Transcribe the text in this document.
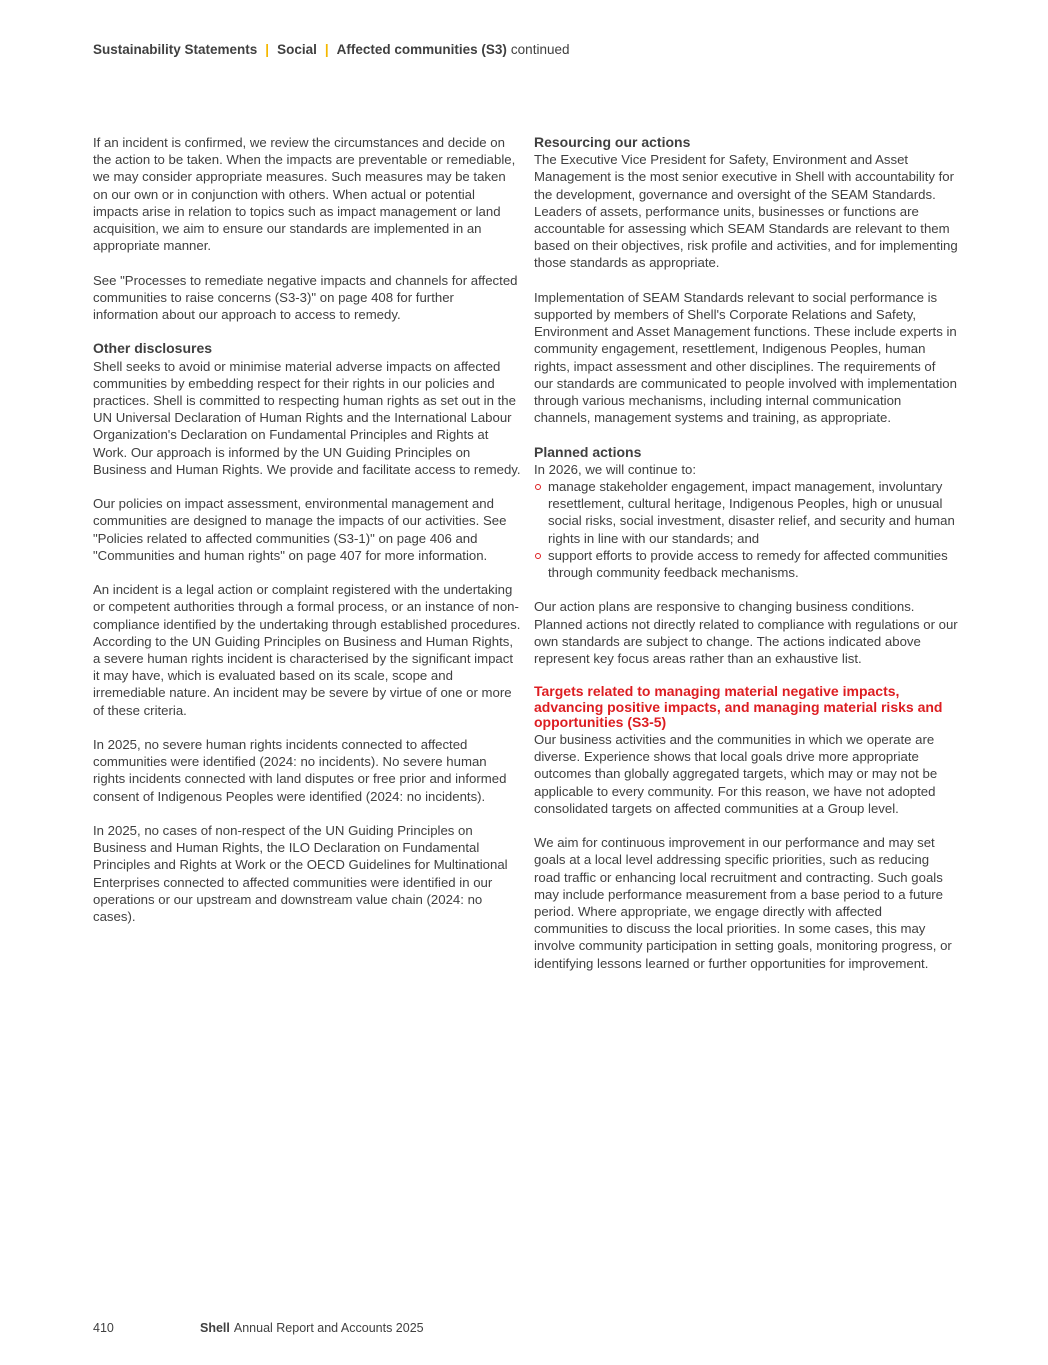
Sustainability Statements | Social | Affected communities (S3) continued

If an incident is confirmed, we review the circumstances and decide on the action to be taken. When the impacts are preventable or remediable, we may consider appropriate measures. Such measures may be taken on our own or in conjunction with others. When actual or potential impacts arise in relation to topics such as impact management or land acquisition, we aim to ensure our standards are implemented in an appropriate manner.

See "Processes to remediate negative impacts and channels for affected communities to raise concerns (S3-3)" on page 408 for further information about our approach to access to remedy.

Other disclosures

Shell seeks to avoid or minimise material adverse impacts on affected communities by embedding respect for their rights in our policies and practices. Shell is committed to respecting human rights as set out in the UN Universal Declaration of Human Rights and the International Labour Organization's Declaration on Fundamental Principles and Rights at Work. Our approach is informed by the UN Guiding Principles on Business and Human Rights. We provide and facilitate access to remedy.

Our policies on impact assessment, environmental management and communities are designed to manage the impacts of our activities. See "Policies related to affected communities (S3-1)" on page 406 and "Communities and human rights" on page 407 for more information.

An incident is a legal action or complaint registered with the undertaking or competent authorities through a formal process, or an instance of non-compliance identified by the undertaking through established procedures. According to the UN Guiding Principles on Business and Human Rights, a severe human rights incident is characterised by the significant impact it may have, which is evaluated based on its scale, scope and irremediable nature. An incident may be severe by virtue of one or more of these criteria.

In 2025, no severe human rights incidents connected to affected communities were identified (2024: no incidents). No severe human rights incidents connected with land disputes or free prior and informed consent of Indigenous Peoples were identified (2024: no incidents).

In 2025, no cases of non-respect of the UN Guiding Principles on Business and Human Rights, the ILO Declaration on Fundamental Principles and Rights at Work or the OECD Guidelines for Multinational Enterprises connected to affected communities were identified in our operations or our upstream and downstream value chain (2024: no cases).

Resourcing our actions

The Executive Vice President for Safety, Environment and Asset Management is the most senior executive in Shell with accountability for the development, governance and oversight of the SEAM Standards. Leaders of assets, performance units, businesses or functions are accountable for assessing which SEAM Standards are relevant to them based on their objectives, risk profile and activities, and for implementing those standards as appropriate.

Implementation of SEAM Standards relevant to social performance is supported by members of Shell's Corporate Relations and Safety, Environment and Asset Management functions. These include experts in community engagement, resettlement, Indigenous Peoples, human rights, impact assessment and other disciplines. The requirements of our standards are communicated to people involved with implementation through various mechanisms, including internal communication channels, management systems and training, as appropriate.

Planned actions
In 2026, we will continue to:
manage stakeholder engagement, impact management, involuntary resettlement, cultural heritage, Indigenous Peoples, high or unusual social risks, social investment, disaster relief, and security and human rights in line with our standards; and
support efforts to provide access to remedy for affected communities through community feedback mechanisms.

Our action plans are responsive to changing business conditions. Planned actions not directly related to compliance with regulations or our own standards are subject to change. The actions indicated above represent key focus areas rather than an exhaustive list.

Targets related to managing material negative impacts, advancing positive impacts, and managing material risks and opportunities (S3-5)

Our business activities and the communities in which we operate are diverse. Experience shows that local goals drive more appropriate outcomes than globally aggregated targets, which may or may not be applicable to every community. For this reason, we have not adopted consolidated targets on affected communities at a Group level.

We aim for continuous improvement in our performance and may set goals at a local level addressing specific priorities, such as reducing road traffic or enhancing local recruitment and contracting. Such goals may include performance measurement from a base period to a future period. Where appropriate, we engage directly with affected communities to discuss the local priorities. In some cases, this may involve community participation in setting goals, monitoring progress, or identifying lessons learned or further opportunities for improvement.

410	Shell Annual Report and Accounts 2025
